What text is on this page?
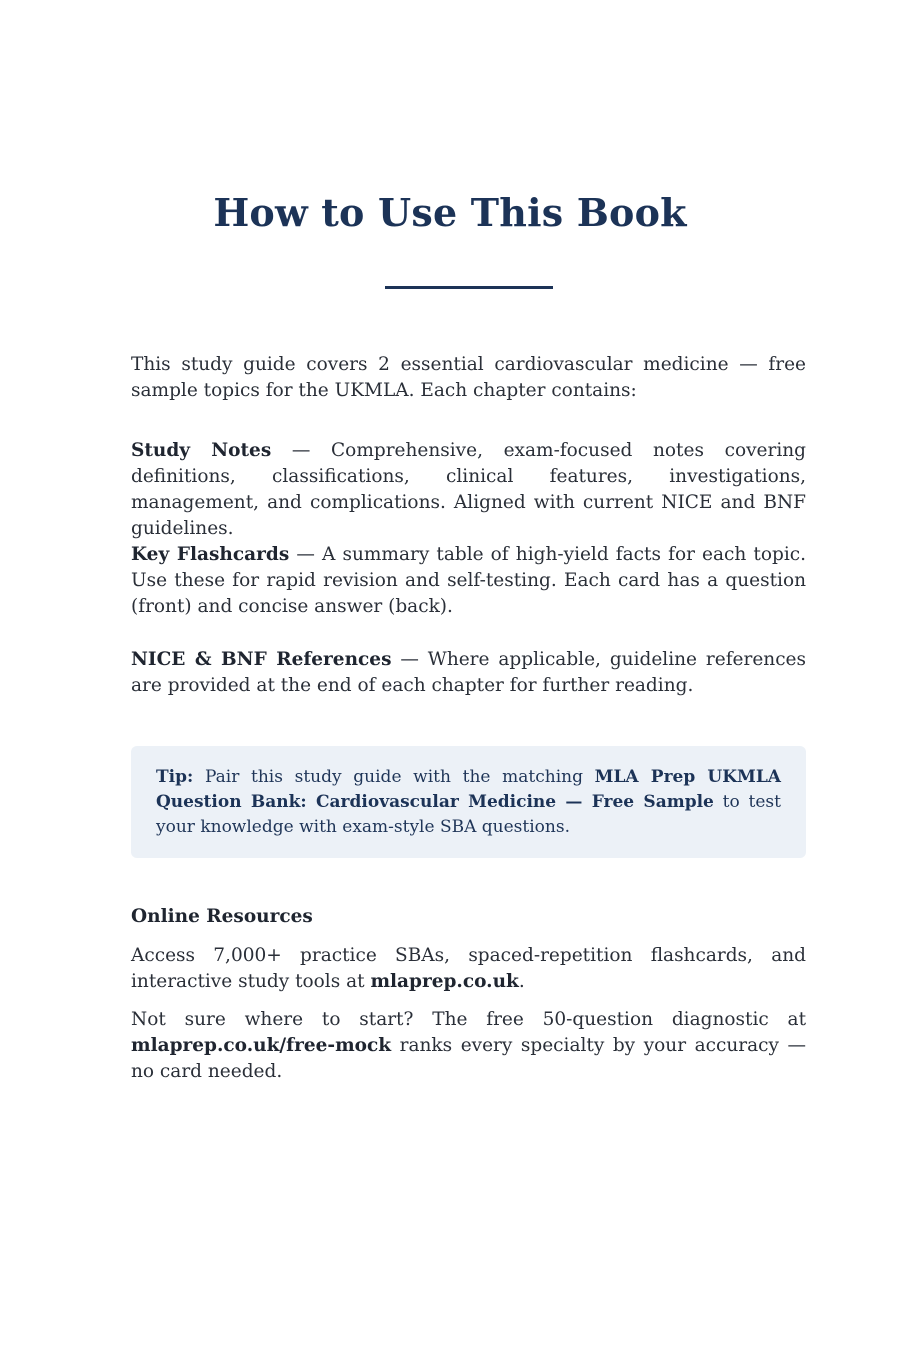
How to Use This Book

This study guide covers 2 essential cardiovascular medicine — free sample topics for the UKMLA. Each chapter contains:

Study Notes — Comprehensive, exam-focused notes covering definitions, classifications, clinical features, investigations, management, and complications. Aligned with current NICE and BNF guidelines.

Key Flashcards — A summary table of high-yield facts for each topic. Use these for rapid revision and self-testing. Each card has a question (front) and concise answer (back).

NICE & BNF References — Where applicable, guideline references are provided at the end of each chapter for further reading.

Tip: Pair this study guide with the matching MLA Prep UKMLA Question Bank: Cardiovascular Medicine — Free Sample to test your knowledge with exam-style SBA questions.

Online Resources

Access 7,000+ practice SBAs, spaced-repetition flashcards, and interactive study tools at mlaprep.co.uk.

Not sure where to start? The free 50-question diagnostic at mlaprep.co.uk/free-mock ranks every specialty by your accuracy — no card needed.
